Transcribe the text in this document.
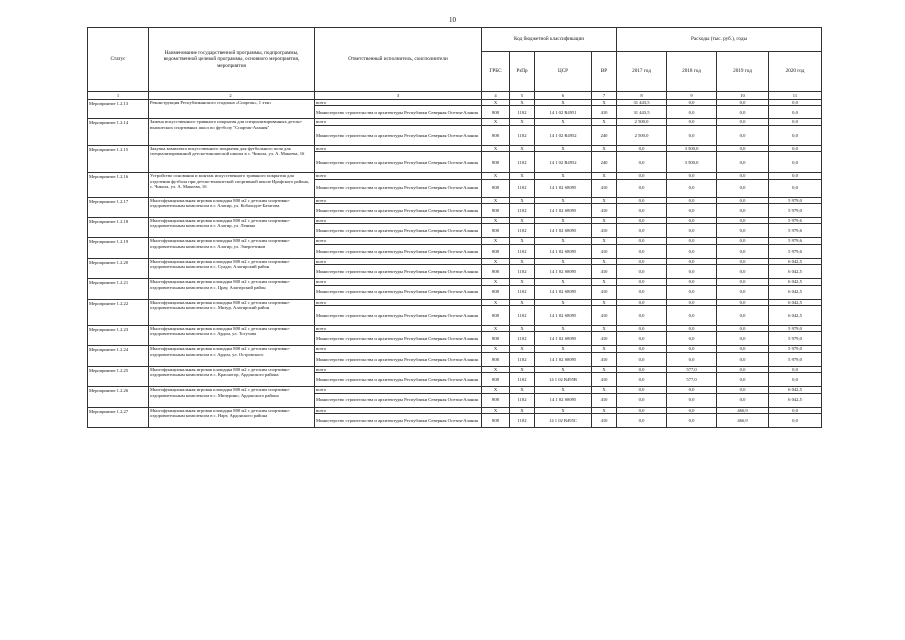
10
Статус	Наименование государственной программы, подпрограммы, ведомственной целевой программы, основного мероприятия, мероприятия	Ответственный исполнитель, соисполнители	Код бюджетной классификации				Расходы (тыс. руб.), годы			
			ГРБС	РзПр	ЦСР	ВР	2017 год	2018 год	2019 год	2020 год
1	2	3	4	5	6	7	8	9	10	11
Мероприятие 1.2.13	Реконструкция Республиканского стадиона «Спартак», 1 этап	всего	X	X	X	X	31 443,5	0,0	0,0	0,0
		Министерство строительства и архитектуры Республики Северная Осетия-Алания	808	1102	14 1 02 R4951	410	31 443,5	0,0	0,0	0,0
Мероприятие 1.2.14	Замена искусственного травяного покрытия для специализированных детско-юношеских спортивных школ по футболу "Спартак-Алания"	всего	X	X	X	X	2 500,0	0,0	0,0	0,0
		Министерство строительства и архитектуры Республики Северная Осетия-Алания	808	1102	14 1 02 R4952	240	2 500,0	0,0	0,0	0,0
Мероприятие 1.2.15	Закупка комплекта искусственного покрытия для футбольного поля для специализированной детско-юношеской школы в с. Чикола, ул. А. Макоева, 16	всего	X	X	X	X	0,0	3 500,0	0,0	0,0
		Министерство строительства и архитектуры Республики Северная Осетия-Алания	808	1102	14 1 02 R4952	240	0,0	3 500,0	0,0	0,0
Мероприятие 1.2.16	Устройство основания и монтаж искусственного травяного покрытия для отделения футбола при детско-юношеской спортивной школе Ирафского района, с. Чикола, ул. А. Макоева, 16	всего	X	X	X	X	0,0	0,0	0,0	0,0
		Министерство строительства и архитектуры Республики Северная Осетия-Алания	808	1102	14 1 02 S8095	410	0,0	0,0	0,0	0,0
Мероприятие 1.2.17	Многофункциональная игровая площадка 800 м2 с детским спортивно-оздоровительным комплексом в г. Алагир, ул. Кобахидзе-Батагова	всего	X	X	X	X	0,0	0,0	0,0	5 979,0
		Министерство строительства и архитектуры Республики Северная Осетия-Алания	808	1102	14 1 02 S8095	410	0,0	0,0	0,0	5 979,0
Мероприятие 1.2.18	Многофункциональная игровая площадка 800 м2 с детским спортивно-оздоровительным комплексом в г. Алагир, ул. Ленина	всего	X	X	X	X	0,0	0,0	0,0	5 979,6
		Министерство строительства и архитектуры Республики Северная Осетия-Алания	808	1102	14 1 02 S8095	410	0,0	0,0	0,0	5 979,6
Мероприятие 1.2.19	Многофункциональная игровая площадка 800 м2 с детским спортивно-оздоровительным комплексом в г. Алагир, ул. Энергетиков	всего	X	X	X	X	0,0	0,0	0,0	5 979,6
		Министерство строительства и архитектуры Республики Северная Осетия-Алания	808	1102	14 1 02 S8095	410	0,0	0,0	0,0	5 979,6
Мероприятие 1.2.20	Многофункциональная игровая площадка 800 м2 с детским спортивно-оздоровительным комплексом в с. Суадаг, Алагирский район	всего	X	X	X	X	0,0	0,0	0,0	6 042,5
		Министерство строительства и архитектуры Республики Северная Осетия-Алания	808	1102	14 1 02 S8095	410	0,0	0,0	0,0	6 042,5
Мероприятие 1.2.21	Многофункциональная игровая площадка 800 м2 с детским спортивно-оздоровительным комплексом в с. Црау, Алагирский район	всего	X	X	X	X	0,0	0,0	0,0	6 042,5
		Министерство строительства и архитектуры Республики Северная Осетия-Алания	808	1102	14 1 02 S8095	410	0,0	0,0	0,0	6 042,5
Мероприятие 1.2.22	Многофункциональная игровая площадка 800 м2 с детским спортивно-оздоровительным комплексом в с. Мизур, Алагирский район	всего	X	X	X	X	0,0	0,0	0,0	6 042,5
		Министерство строительства и архитектуры Республики Северная Осетия-Алания	808	1102	14 1 02 S8095	410	0,0	0,0	0,0	6 042,5
Мероприятие 1.2.23	Многофункциональная игровая площадка 800 м2 с детским спортивно-оздоровительным комплексом в г. Ардон, ул. Тогузова	всего	X	X	X	X	0,0	0,0	0,0	5 979,0
		Министерство строительства и архитектуры Республики Северная Осетия-Алания	808	1102	14 1 02 S8095	410	0,0	0,0	0,0	5 979,0
Мероприятие 1.2.24	Многофункциональная игровая площадка 800 м2 с детским спортивно-оздоровительным комплексом в г. Ардон, ул. Островского	всего	X	X	X	X	0,0	0,0	0,0	5 979,0
		Министерство строительства и архитектуры Республики Северная Осетия-Алания	808	1102	14 1 02 S8095	410	0,0	0,0	0,0	5 979,0
Мероприятие 1.2.25	Многофункциональная игровая площадка 800 м2 с детским спортивно-оздоровительным комплексом в с. Красногор, Ардонского района	всего	X	X	X	X	0,0	577,0	0,0	0,0
		Министерство строительства и архитектуры Республики Северная Осетия-Алания	808	1102	14 1 02 R495B	410	0,0	577,0	0,0	0,0
Мероприятие 1.2.26	Многофункциональная игровая площадка 800 м2 с детским спортивно-оздоровительным комплексом в с. Мичурино, Ардонского района	всего	X	X	X	X	0,0	0,0	0,0	6 042,5
		Министерство строительства и архитектуры Республики Северная Осетия-Алания	808	1102	14 1 02 S8095	410	0,0	0,0	0,0	6 042,5
Мероприятие 1.2.27	Многофункциональная игровая площадка 800 м2 с детским спортивно-оздоровительным комплексом в с. Нарт, Ардонского района	всего	X	X	X	X	0,0	0,0	466,9	0,0
		Министерство строительства и архитектуры Республики Северная Осетия-Алания	808	1102	14 1 02 R495C	410	0,0	0,0	466,9	0,0
